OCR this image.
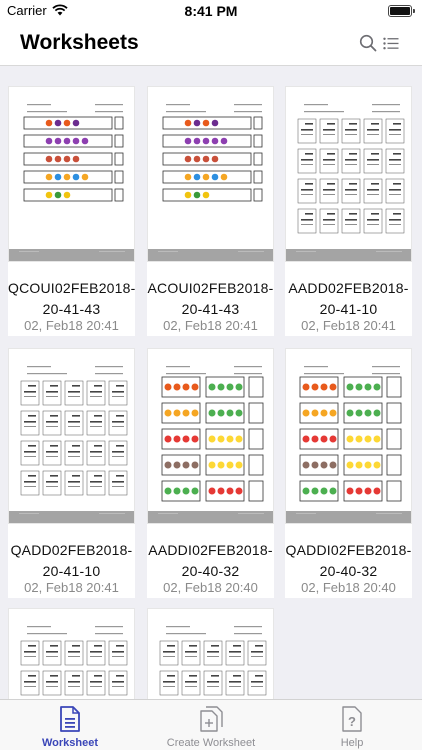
Carrier	8:41 PM
Worksheets
QCOUI02FEB2018-20-41-43
02, Feb18 20:41
ACOUI02FEB2018-20-41-43
02, Feb18 20:41
AADD02FEB2018-20-41-10
02, Feb18 20:41
QADD02FEB2018-20-41-10
02, Feb18 20:41
AADDI02FEB2018-20-40-32
02, Feb18 20:40
QADDI02FEB2018-20-40-32
02, Feb18 20:40
Worksheet	Create Worksheet
?
Help
